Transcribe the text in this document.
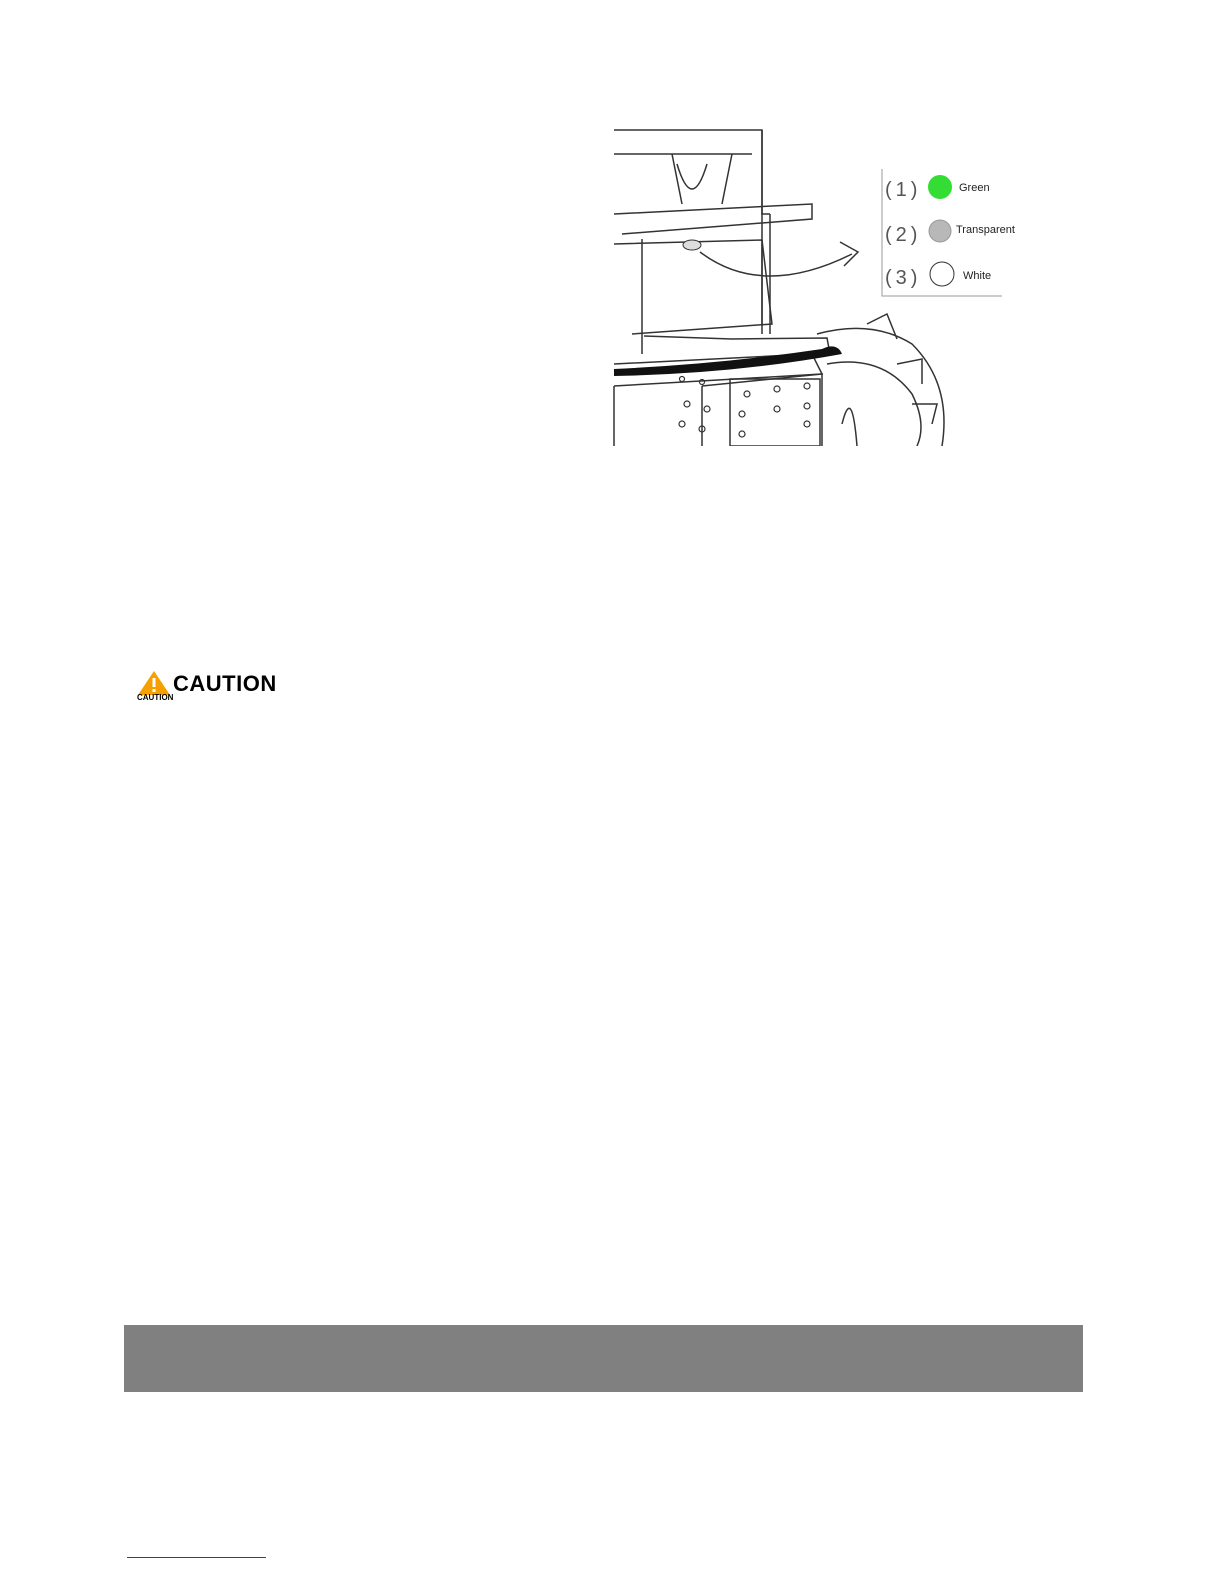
(1)	Green
(2)	Transparent
(3)	White
CAUTION
CAUTION
